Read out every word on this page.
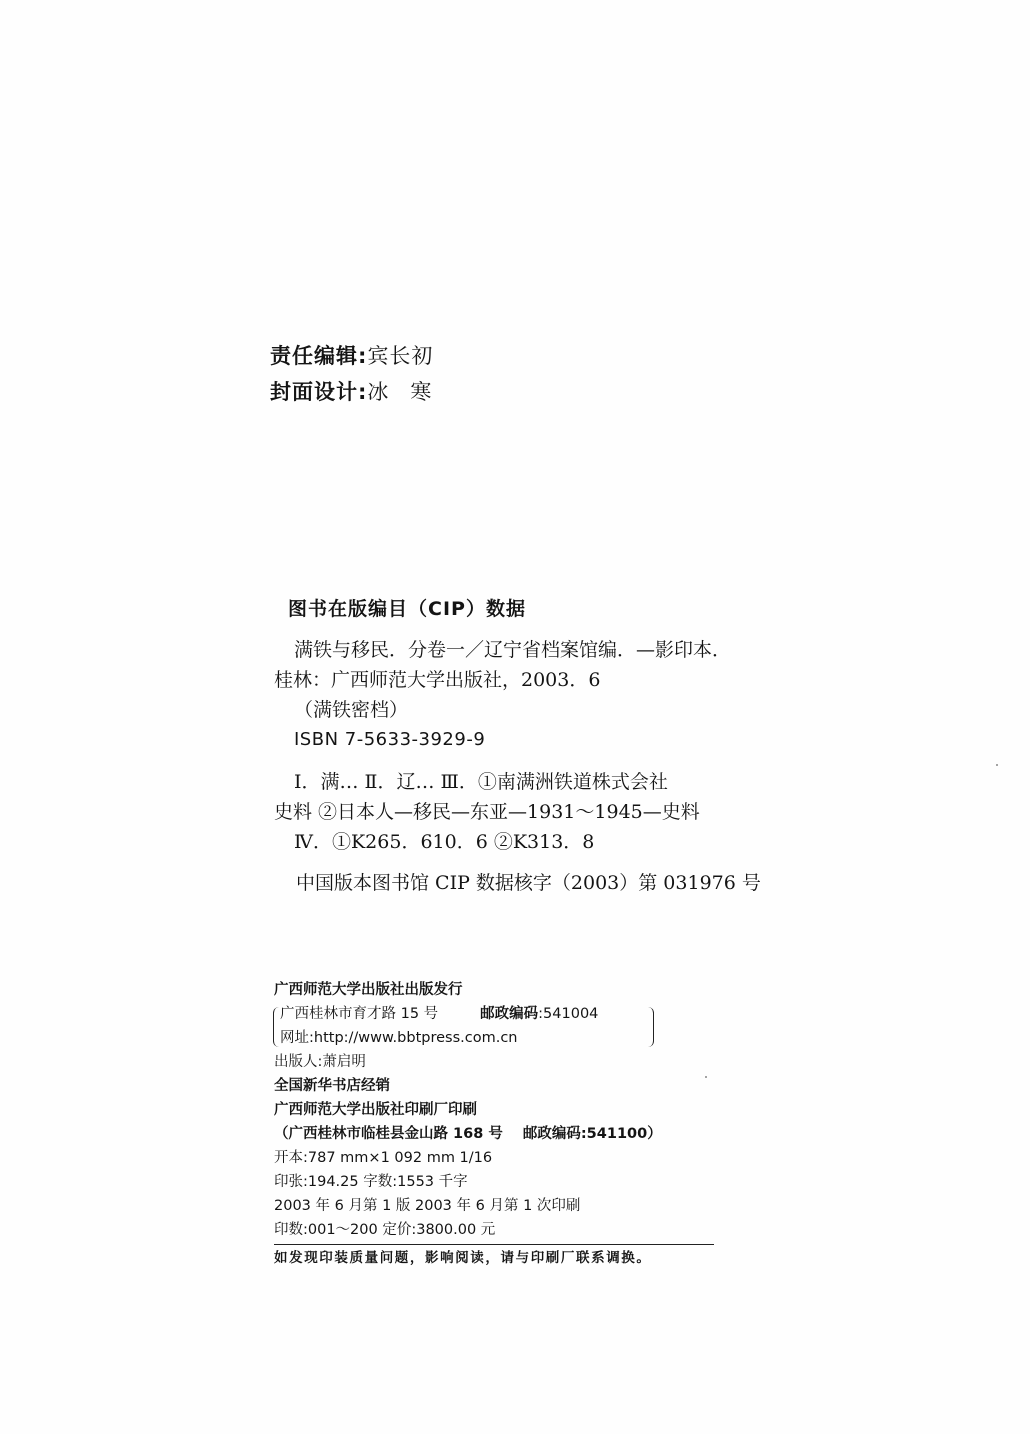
责任编辑: 宾长初
封面设计: 冰寒
图书在版编目（CIP）数据
满铁与移民．分卷一／辽宁省档案馆编．—影印本．
桂林：广西师范大学出版社，2003．6
（满铁密档）
ISBN 7-5633-3929-9
Ⅰ．满… Ⅱ．辽… Ⅲ．①南满洲铁道株式会社
史料 ②日本人—移民—东亚—1931～1945—史料
Ⅳ．①K265．610．6 ②K313．8
中国版本图书馆 CIP 数据核字（2003）第 031976 号
广西师范大学出版社出版发行
广西桂林市育才路 15 号	邮政编码:541004
网址:http://www.bbtpress.com.cn
出版人:萧启明
全国新华书店经销
广西师范大学出版社印刷厂印刷
（广西桂林市临桂县金山路 168 号 邮政编码:541100）
开本:787 mm×1 092 mm 1/16
印张:194.25 字数:1553 千字
2003 年 6 月第 1 版 2003 年 6 月第 1 次印刷
印数:001～200 定价:3800.00 元
如发现印装质量问题，影响阅读，请与印刷厂联系调换。
